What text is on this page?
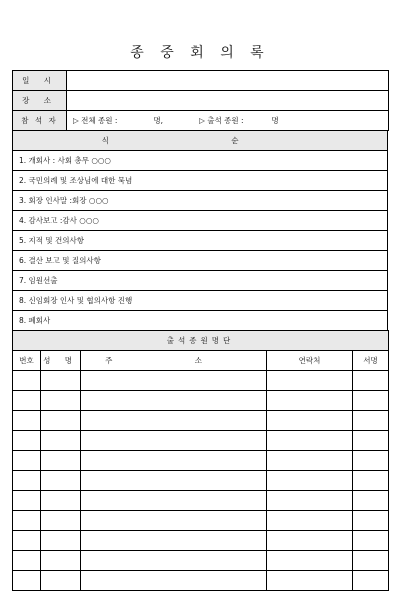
종 중 회 의 록
일 시	
장 소	
참 석 자	▷ 전체 종원 : 명, ▷ 출석 종원 : 명
식 순
1. 개회사 : 사회 총무 ○○○
2. 국민의례 및 조상님에 대한 묵념
3. 회장 인사말 :회장 ○○○
4. 감사보고 :감사 ○○○
5. 지적 및 건의사항
6. 결산 보고 및 질의사항
7. 임원선출
8. 신임회장 인사 및 협의사항 진행
8. 폐회사
출석종원명단				
번호	성 명	주 소	연락처	서명
